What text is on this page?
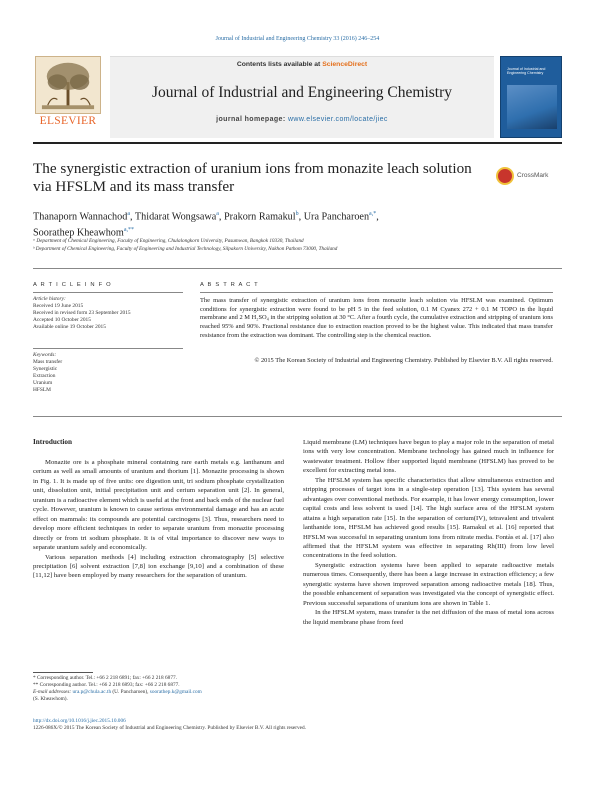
Journal of Industrial and Engineering Chemistry 33 (2016) 246–254
ELSEVIER
Contents lists available at ScienceDirect
Journal of Industrial and Engineering Chemistry
journal homepage: www.elsevier.com/locate/jiec
Journal of Industrial and Engineering Chemistry
The synergistic extraction of uranium ions from monazite leach solution via HFSLM and its mass transfer
CrossMark
Thanaporn Wannachod$^a$, Thidarat Wongsawa$^a$, Prakorn Ramakul$^b$, Ura Pancharoen$^{a,*}$,
Soorathep Kheawhom$^{a,**}$
ᵃ Department of Chemical Engineering, Faculty of Engineering, Chulalongkorn University, Pasumwan, Bangkok 10330, Thailand
ᵇ Department of Chemical Engineering, Faculty of Engineering and Industrial Technology, Silpakorn University, Nakhon Pathom 73000, Thailand
A R T I C L E I N F O
Article history:
Received 19 June 2015
Received in revised form 23 September 2015
Accepted 10 October 2015
Available online 19 October 2015
Keywords:
Mass transfer
Synergistic
Extraction
Uranium
HFSLM
A B S T R A C T
The mass transfer of synergistic extraction of uranium ions from monazite leach solution via HFSLM was examined. Optimum conditions for synergistic extraction were found to be pH 5 in the feed solution, 0.1 M Cyanex 272 + 0.1 M TOPO in the liquid membrane and 2 M H₂SO₄ in the stripping solution at 30 °C. After a fourth cycle, the cumulative extraction and stripping of uranium ions reached 95% and 90%. Fractional resistance due to extraction reaction proved to be the highest value. This indicated that mass transfer resistance from the extraction was dominant. The controlling step is the chemical reaction.
© 2015 The Korean Society of Industrial and Engineering Chemistry. Published by Elsevier B.V. All rights reserved.
Introduction

Monazite ore is a phosphate mineral containing rare earth metals e.g. lanthanum and cerium as well as small amounts of uranium and thorium [1]. Monazite processing is shown in Fig. 1. It is made up of five units: ore digestion unit, tri sodium phosphate crystallization unit, dissolution unit, initial precipitation unit and cerium separation unit [2]. In general, uranium is a radioactive element which is useful at the front and back ends of the nuclear fuel cycle. However, uranium is known to cause serious environmental damage and has an acute effect on mammals: its compounds are potential carcinogens [3]. Thus, researchers need to develop more efficient techniques in order to separate uranium from monazite processing directly or from tri sodium phosphate. It is of vital importance to discover new ways to separate uranium safely and economically.

Various separation methods [4] including extraction chromatography [5] selective precipitation [6] solvent extraction [7,8] ion exchange [9,10] and a combination of these [11,12] have been employed by many researchers for the separation of uranium.

Liquid membrane (LM) techniques have begun to play a major role in the separation of metal ions with very low concentration. Membrane technology has gained much in influence for wastewater treatment. Hollow fiber supported liquid membrane (HFSLM) has proved to be excellent for extracting metal ions.

The HFSLM system has specific characteristics that allow simultaneous extraction and stripping processes of target ions in a single-step operation [13]. This system has several advantages over conventional methods. For example, it has lower energy consumption, lower capital costs and less solvent is used [14]. The high surface area of the HFSLM system attains a high separation rate [15]. In the separation of cerium(IV), tetravalent and trivalent lanthanide ions, HFSLM has achieved good results [15]. Ramakul et al. [16] reported that HFSLM was successful in separating uranium ions from nitrate media. Fontàs et al. [17] also affirmed that the HFSLM system was effective in separating Rh(III) from low level concentrations in the feed solution.

Synergistic extraction systems have been applied to separate radioactive metals numerous times. Consequently, there has been a large increase in extraction efficiency; a few synergistic systems have shown improved separation among radioactive metals [18]. Thus, the possible enhancement of separation was investigated via the concept of synergistic effect. Previous successful separations of uranium ions are shown in Table 1.

In the HFSLM system, mass transfer is the net diffusion of the mass of metal ions across the liquid membrane phase from feed

* Corresponding author. Tel.: +66 2 218 6891; fax: +66 2 218 6877.
** Corresponding author. Tel.: +66 2 218 6893; fax: +66 2 218 6877.
E-mail addresses: ura.p@chula.ac.th (U. Pancharoen), soorathep.k@gmail.com
(S. Kheawhom).
http://dx.doi.org/10.1016/j.jiec.2015.10.006
1226-086X/© 2015 The Korean Society of Industrial and Engineering Chemistry. Published by Elsevier B.V. All rights reserved.
